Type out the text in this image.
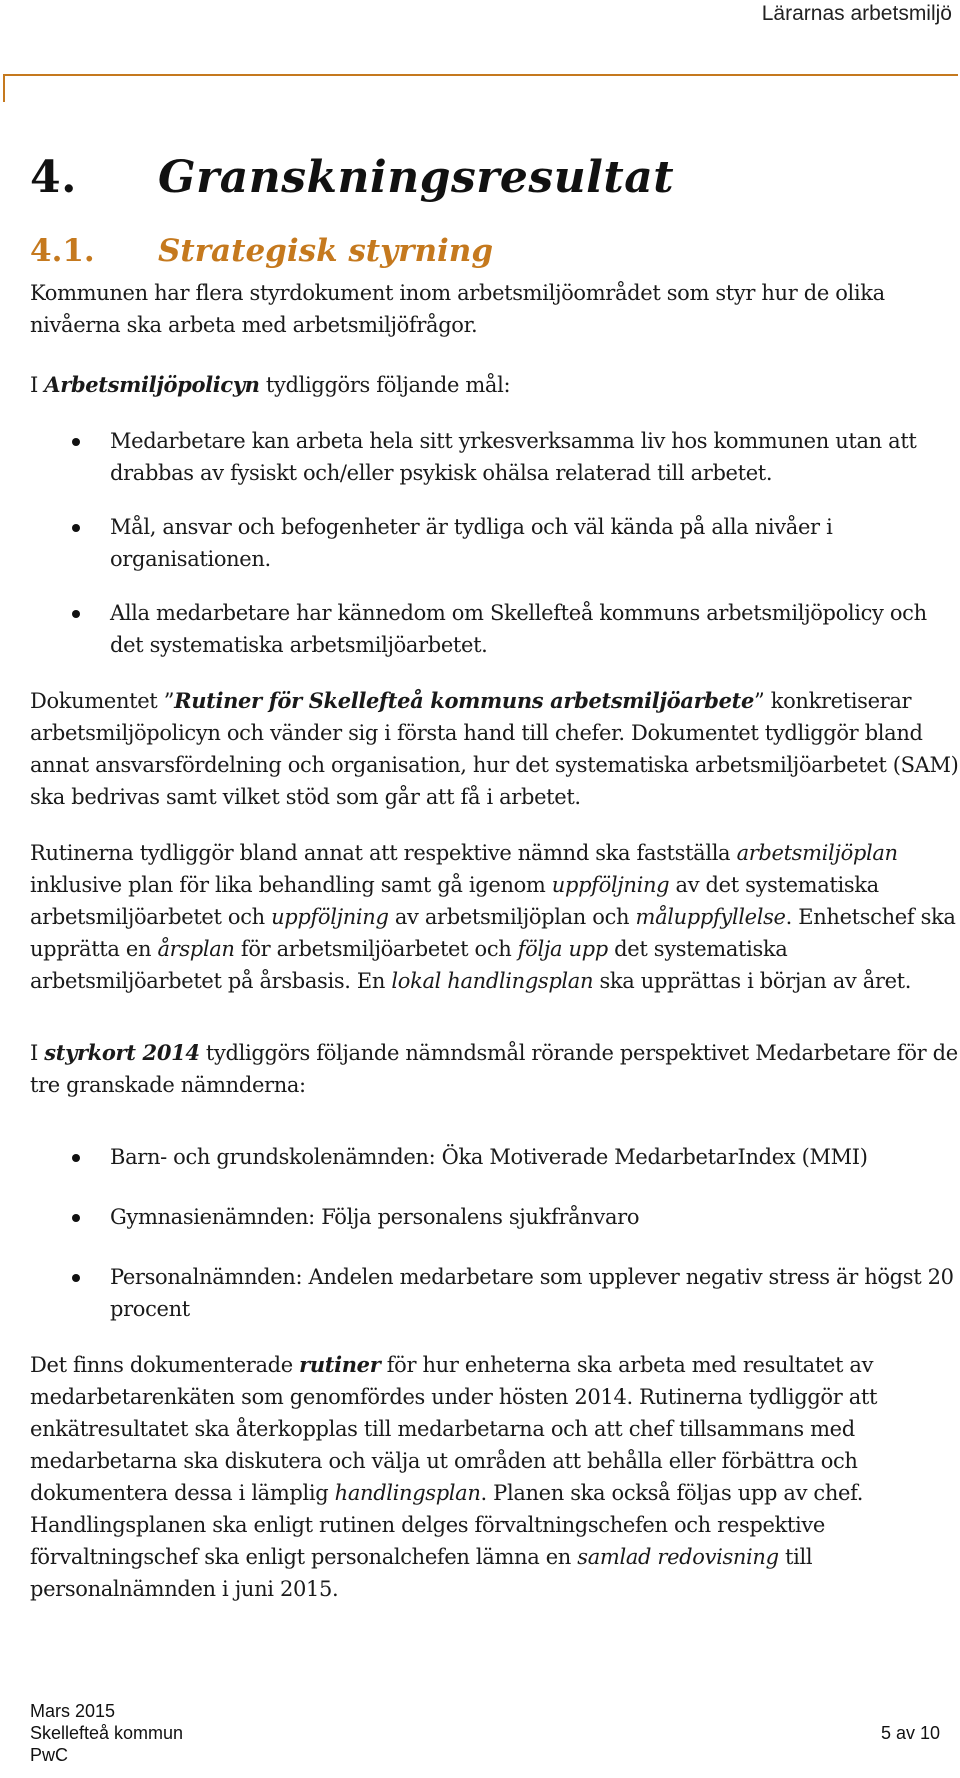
Lärarnas arbetsmiljö
4. Granskningsresultat
4.1. Strategisk styrning

Kommunen har flera styrdokument inom arbetsmiljöområdet som styr hur de olika nivåerna ska arbeta med arbetsmiljöfrågor.

I Arbetsmiljöpolicyn tydliggörs följande mål:

Medarbetare kan arbeta hela sitt yrkesverksamma liv hos kommunen utan att drabbas av fysiskt och/eller psykisk ohälsa relaterad till arbetet.
Mål, ansvar och befogenheter är tydliga och väl kända på alla nivåer i organisationen.
Alla medarbetare har kännedom om Skellefteå kommuns arbetsmiljöpolicy och det systematiska arbetsmiljöarbetet.

Dokumentet ”Rutiner för Skellefteå kommuns arbetsmiljöarbete” konkretiserar arbetsmiljöpolicyn och vänder sig i första hand till chefer. Dokumentet tydliggör bland annat ansvarsfördelning och organisation, hur det systematiska arbetsmiljöarbetet (SAM) ska bedrivas samt vilket stöd som går att få i arbetet.

Rutinerna tydliggör bland annat att respektive nämnd ska fastställa arbetsmiljöplan inklusive plan för lika behandling samt gå igenom uppföljning av det systematiska arbetsmiljöarbetet och uppföljning av arbetsmiljöplan och måluppfyllelse. Enhetschef ska upprätta en årsplan för arbetsmiljöarbetet och följa upp det systematiska arbetsmiljöarbetet på årsbasis. En lokal handlingsplan ska upprättas i början av året.

I styrkort 2014 tydliggörs följande nämndsmål rörande perspektivet Medarbetare för de tre granskade nämnderna:

Barn- och grundskolenämnden: Öka Motiverade MedarbetarIndex (MMI)
Gymnasienämnden: Följa personalens sjukfrånvaro
Personalnämnden: Andelen medarbetare som upplever negativ stress är högst 20 procent

Det finns dokumenterade rutiner för hur enheterna ska arbeta med resultatet av medarbetarenkäten som genomfördes under hösten 2014. Rutinerna tydliggör att enkätresultatet ska återkopplas till medarbetarna och att chef tillsammans med medarbetarna ska diskutera och välja ut områden att behålla eller förbättra och dokumentera dessa i lämplig handlingsplan. Planen ska också följas upp av chef. Handlingsplanen ska enligt rutinen delges förvaltningschefen och respektive förvaltningschef ska enligt personalchefen lämna en samlad redovisning till personalnämnden i juni 2015.

Mars 2015
Skellefteå kommun
PwC
5 av 10
